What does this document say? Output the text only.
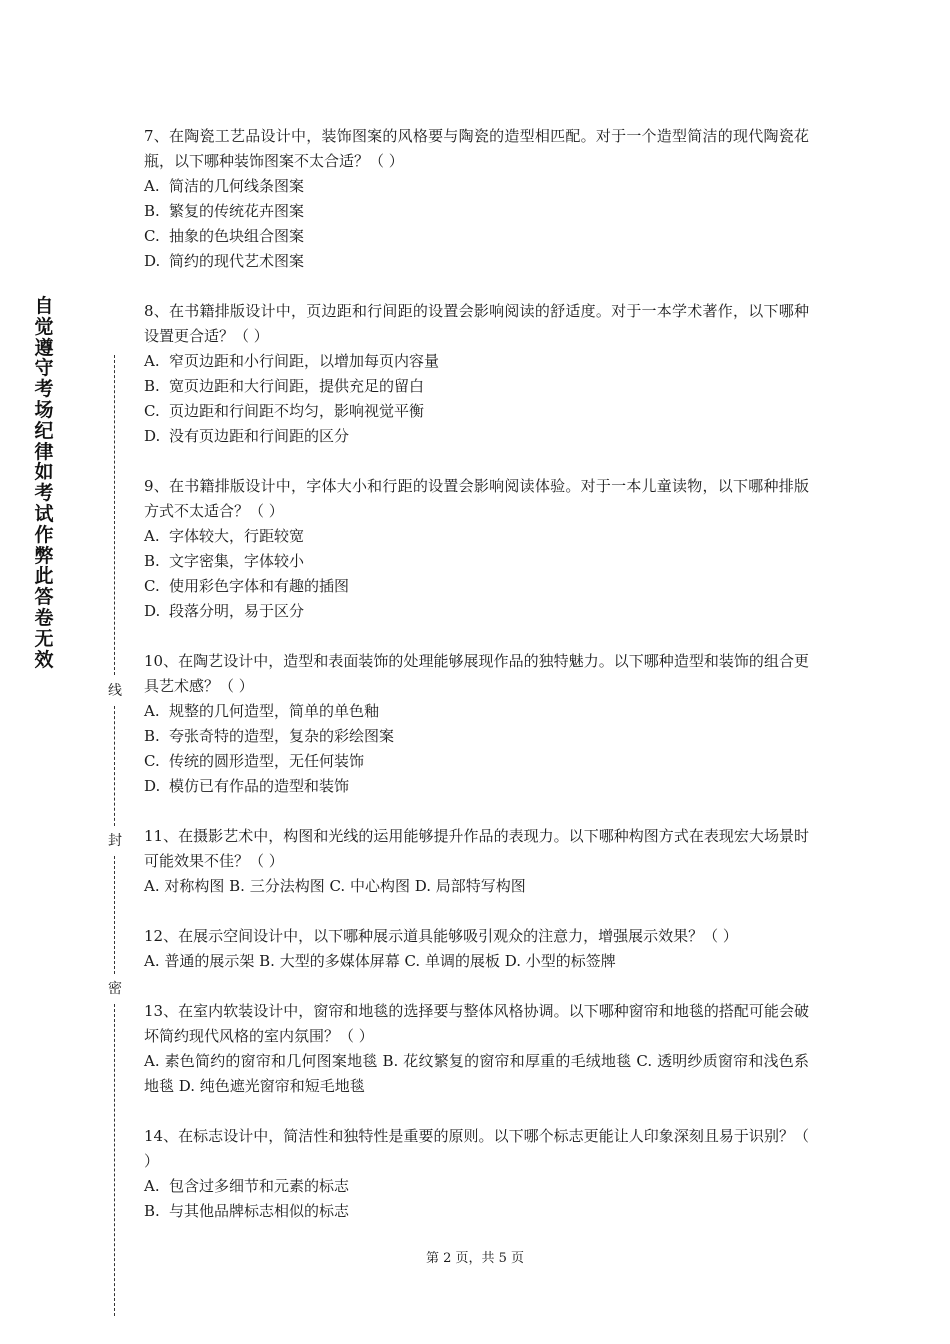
自觉遵守考场纪律如考试作弊此答卷无效
线
封
密

7、在陶瓷工艺品设计中，装饰图案的风格要与陶瓷的造型相匹配。对于一个造型简洁的现代陶瓷花瓶，以下哪种装饰图案不太合适？（ ）

A. 简洁的几何线条图案

B. 繁复的传统花卉图案

C. 抽象的色块组合图案

D. 简约的现代艺术图案

8、在书籍排版设计中，页边距和行间距的设置会影响阅读的舒适度。对于一本学术著作，以下哪种设置更合适？（ ）

A. 窄页边距和小行间距，以增加每页内容量

B. 宽页边距和大行间距，提供充足的留白

C. 页边距和行间距不均匀，影响视觉平衡

D. 没有页边距和行间距的区分

9、在书籍排版设计中，字体大小和行距的设置会影响阅读体验。对于一本儿童读物，以下哪种排版方式不太适合？（ ）

A. 字体较大，行距较宽

B. 文字密集，字体较小

C. 使用彩色字体和有趣的插图

D. 段落分明，易于区分

10、在陶艺设计中，造型和表面装饰的处理能够展现作品的独特魅力。以下哪种造型和装饰的组合更具艺术感？（ ）

A. 规整的几何造型，简单的单色釉

B. 夸张奇特的造型，复杂的彩绘图案

C. 传统的圆形造型，无任何装饰

D. 模仿已有作品的造型和装饰

11、在摄影艺术中，构图和光线的运用能够提升作品的表现力。以下哪种构图方式在表现宏大场景时可能效果不佳？（ ）

A. 对称构图 B. 三分法构图 C. 中心构图 D. 局部特写构图

12、在展示空间设计中，以下哪种展示道具能够吸引观众的注意力，增强展示效果？（ ）

A. 普通的展示架 B. 大型的多媒体屏幕 C. 单调的展板 D. 小型的标签牌

13、在室内软装设计中，窗帘和地毯的选择要与整体风格协调。以下哪种窗帘和地毯的搭配可能会破坏简约现代风格的室内氛围？（ ）

A. 素色简约的窗帘和几何图案地毯 B. 花纹繁复的窗帘和厚重的毛绒地毯 C. 透明纱质窗帘和浅色系地毯 D. 纯色遮光窗帘和短毛地毯

14、在标志设计中，简洁性和独特性是重要的原则。以下哪个标志更能让人印象深刻且易于识别？（ ）

A. 包含过多细节和元素的标志

B. 与其他品牌标志相似的标志

第 2 页，共 5 页
